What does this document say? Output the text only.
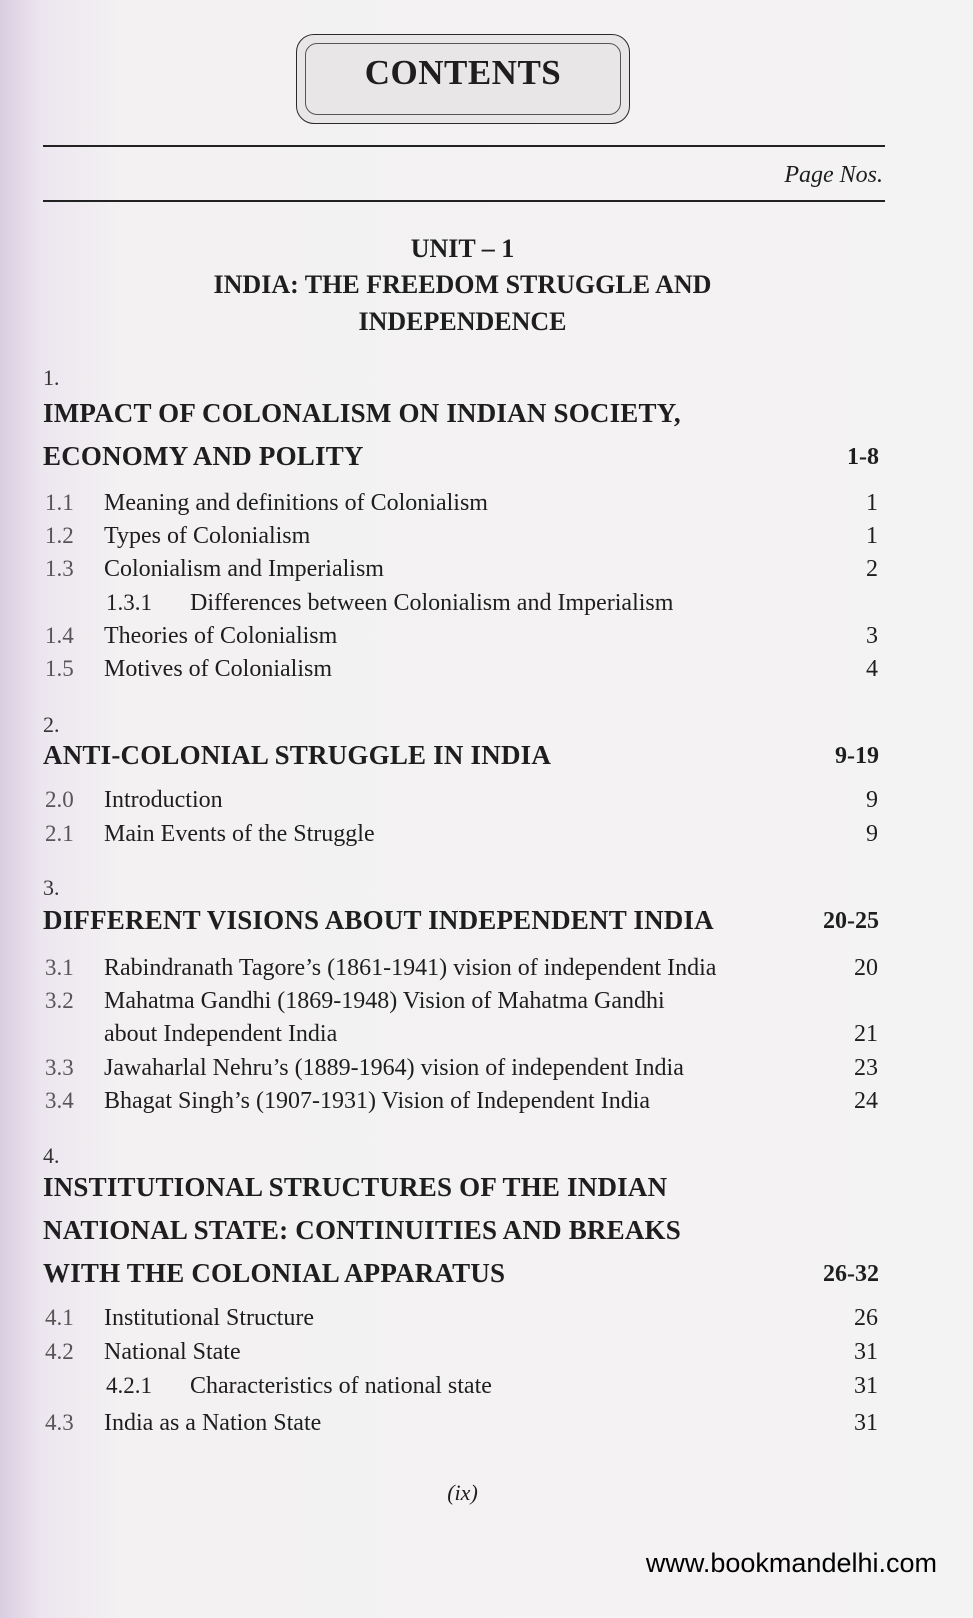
CONTENTS
Page Nos.
UNIT – 1
INDIA: THE FREEDOM STRUGGLE AND
INDEPENDENCE
1.
IMPACT OF COLONALISM ON INDIAN SOCIETY,
ECONOMY AND POLITY	1-8
1.1 Meaning and definitions of Colonialism	1
1.2 Types of Colonialism	1
1.3 Colonialism and Imperialism	2
1.3.1 Differences between Colonialism and Imperialism
1.4 Theories of Colonialism	3
1.5 Motives of Colonialism	4
2.
ANTI-COLONIAL STRUGGLE IN INDIA	9-19
2.0 Introduction	9
2.1 Main Events of the Struggle	9
3.
DIFFERENT VISIONS ABOUT INDEPENDENT INDIA	20-25
3.1 Rabindranath Tagore’s (1861-1941) vision of independent India	20
3.2 Mahatma Gandhi (1869-1948) Vision of Mahatma Gandhi
about Independent India	21
3.3 Jawaharlal Nehru’s (1889-1964) vision of independent India	23
3.4 Bhagat Singh’s (1907-1931) Vision of Independent India	24
4.
INSTITUTIONAL STRUCTURES OF THE INDIAN
NATIONAL STATE: CONTINUITIES AND BREAKS
WITH THE COLONIAL APPARATUS	26-32
4.1 Institutional Structure	26
4.2 National State	31
4.2.1 Characteristics of national state	31
4.3 India as a Nation State	31
(ix)
www.bookmandelhi.com
